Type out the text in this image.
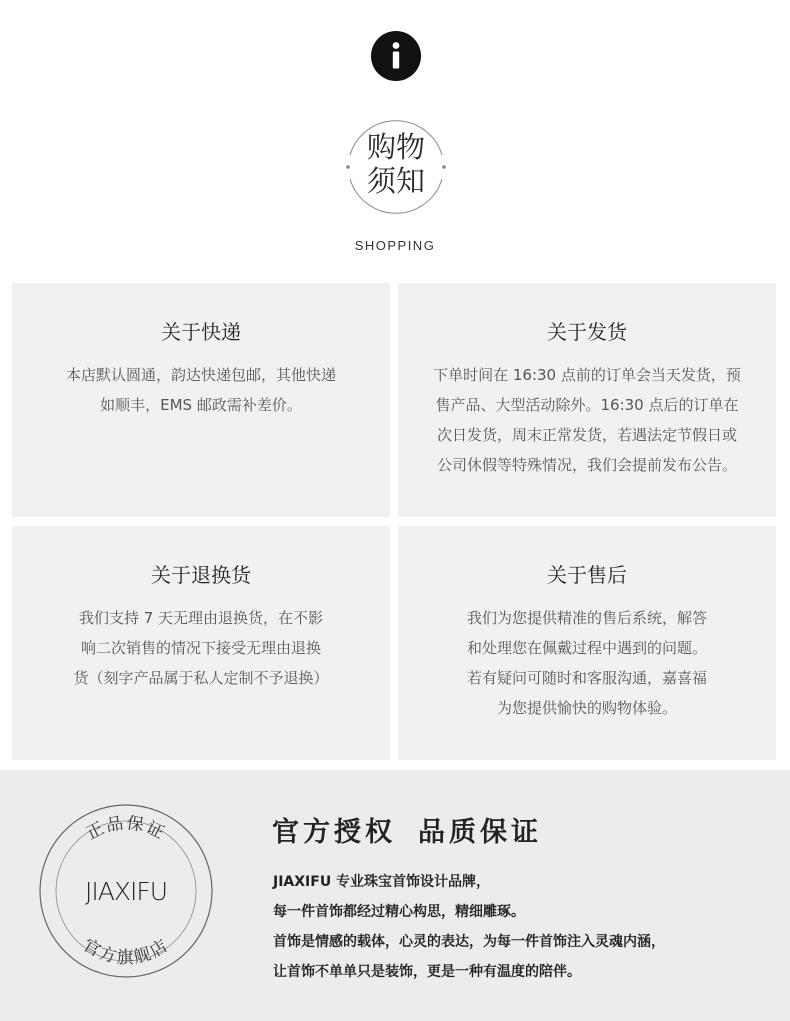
购物
须知
SHOPPING
关于快递
本店默认圆通，韵达快递包邮，其他快递
如顺丰，EMS 邮政需补差价。
关于发货
下单时间在 16:30 点前的订单会当天发货，预
售产品、大型活动除外。16:30 点后的订单在
次日发货，周末正常发货，若遇法定节假日或
公司休假等特殊情况，我们会提前发布公告。
关于退换货
我们支持 7 天无理由退换货，在不影
响二次销售的情况下接受无理由退换
货（刻字产品属于私人定制不予退换）
关于售后
我们为您提供精准的售后系统，解答
和处理您在佩戴过程中遇到的问题。
若有疑问可随时和客服沟通，嘉喜福
为您提供愉快的购物体验。
正品保证
JIAXIFU
官方旗舰店
官方授权 品质保证
JIAXIFU 专业珠宝首饰设计品牌，
每一件首饰都经过精心构思，精细雕琢。
首饰是情感的载体，心灵的表达，为每一件首饰注入灵魂内涵，
让首饰不单单只是装饰，更是一种有温度的陪伴。
